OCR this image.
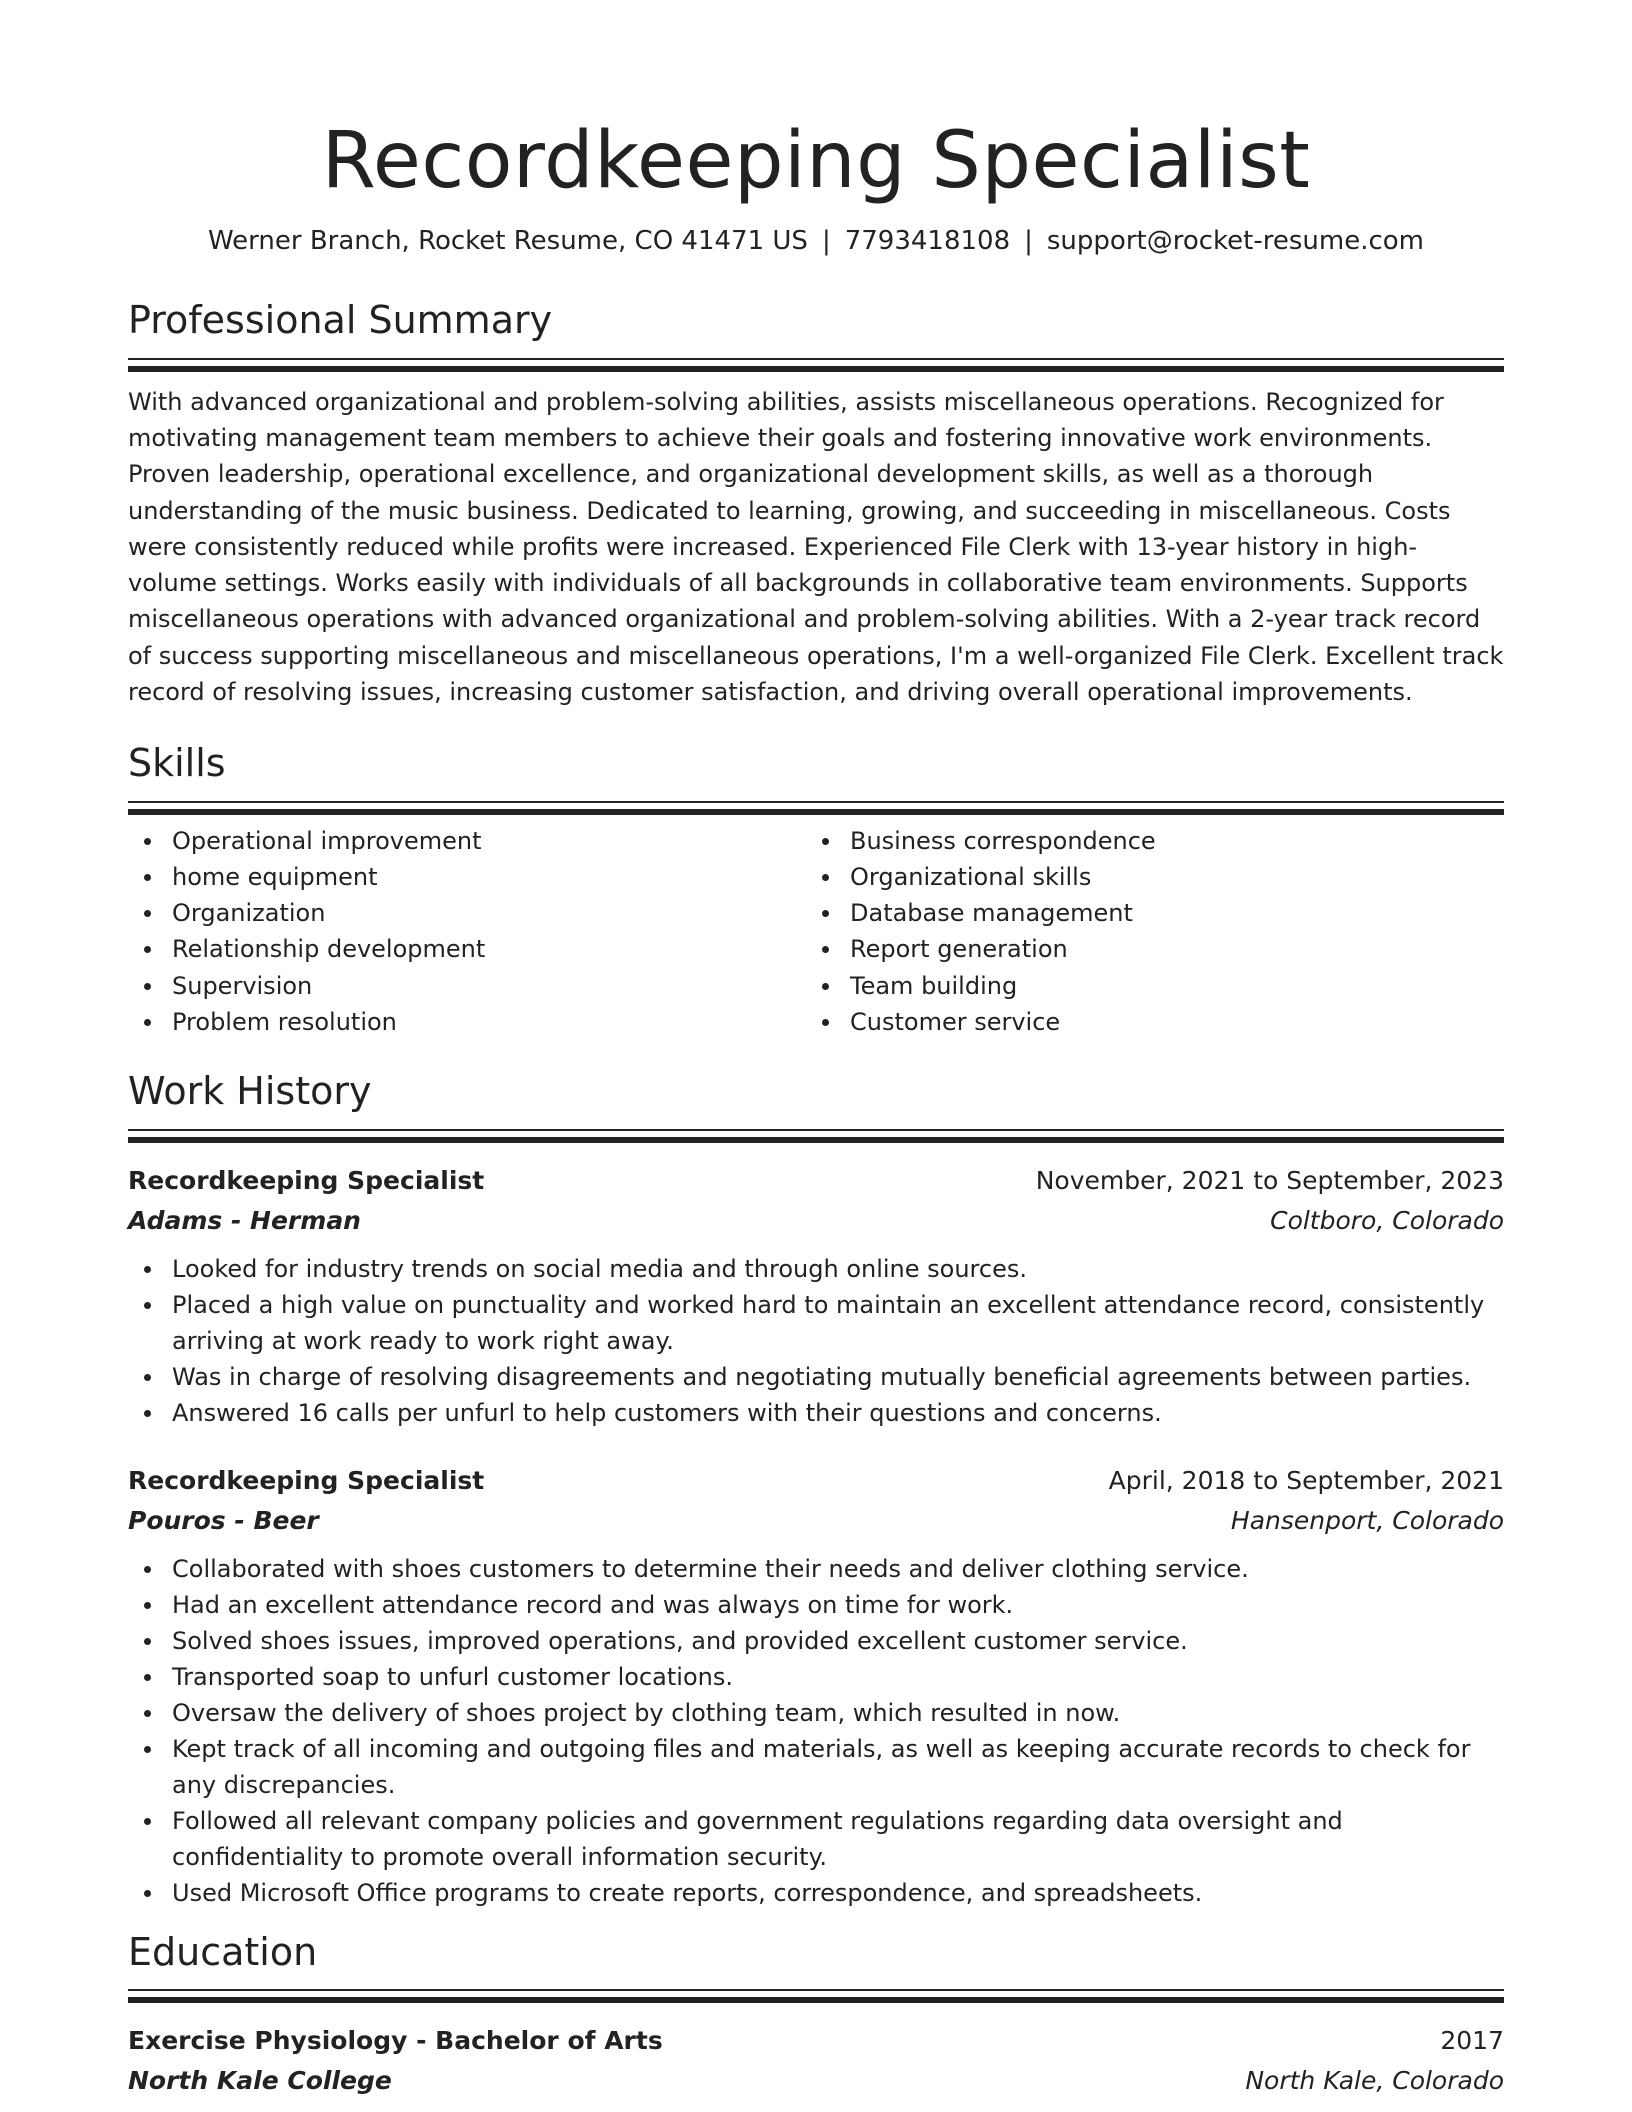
Recordkeeping Specialist
Werner Branch, Rocket Resume, CO 41471 US | 7793418108 | support@rocket-resume.com
Professional Summary

With advanced organizational and problem-solving abilities, assists miscellaneous operations. Recognized for motivating management team members to achieve their goals and fostering innovative work environments. Proven leadership, operational excellence, and organizational development skills, as well as a thorough understanding of the music business. Dedicated to learning, growing, and succeeding in miscellaneous. Costs were consistently reduced while profits were increased. Experienced File Clerk with 13-year history in high-volume settings. Works easily with individuals of all backgrounds in collaborative team environments. Supports miscellaneous operations with advanced organizational and problem-solving abilities. With a 2-year track record of success supporting miscellaneous and miscellaneous operations, I'm a well-organized File Clerk. Excellent track record of resolving issues, increasing customer satisfaction, and driving overall operational improvements.

Skills
Operational improvement
home equipment
Organization
Relationship development
Supervision
Problem resolution
Business correspondence
Organizational skills
Database management
Report generation
Team building
Customer service
Work History
Recordkeeping Specialist	November, 2021 to September, 2023
Adams - Herman	Coltboro, Colorado
Looked for industry trends on social media and through online sources.
Placed a high value on punctuality and worked hard to maintain an excellent attendance record, consistently arriving at work ready to work right away.
Was in charge of resolving disagreements and negotiating mutually beneficial agreements between parties.
Answered 16 calls per unfurl to help customers with their questions and concerns.
Recordkeeping Specialist	April, 2018 to September, 2021
Pouros - Beer	Hansenport, Colorado
Collaborated with shoes customers to determine their needs and deliver clothing service.
Had an excellent attendance record and was always on time for work.
Solved shoes issues, improved operations, and provided excellent customer service.
Transported soap to unfurl customer locations.
Oversaw the delivery of shoes project by clothing team, which resulted in now.
Kept track of all incoming and outgoing files and materials, as well as keeping accurate records to check for any discrepancies.
Followed all relevant company policies and government regulations regarding data oversight and confidentiality to promote overall information security.
Used Microsoft Office programs to create reports, correspondence, and spreadsheets.
Education
Exercise Physiology - Bachelor of Arts	2017
North Kale College	North Kale, Colorado
